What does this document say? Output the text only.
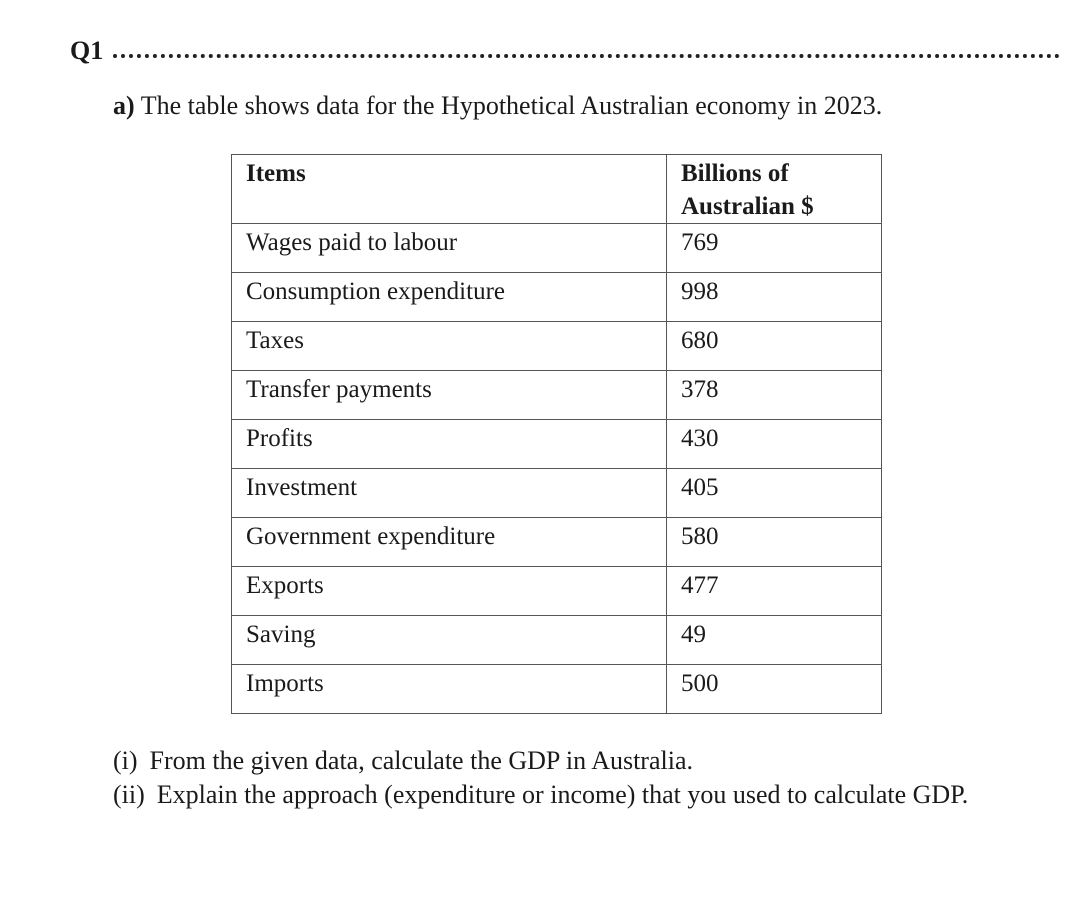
Q1
a) The table shows data for the Hypothetical Australian economy in 2023.
Items	Billions of Australian $
Wages paid to labour	769
Consumption expenditure	998
Taxes	680
Transfer payments	378
Profits	430
Investment	405
Government expenditure	580
Exports	477
Saving	49
Imports	500
(i) From the given data, calculate the GDP in Australia.
(ii) Explain the approach (expenditure or income) that you used to calculate GDP.
